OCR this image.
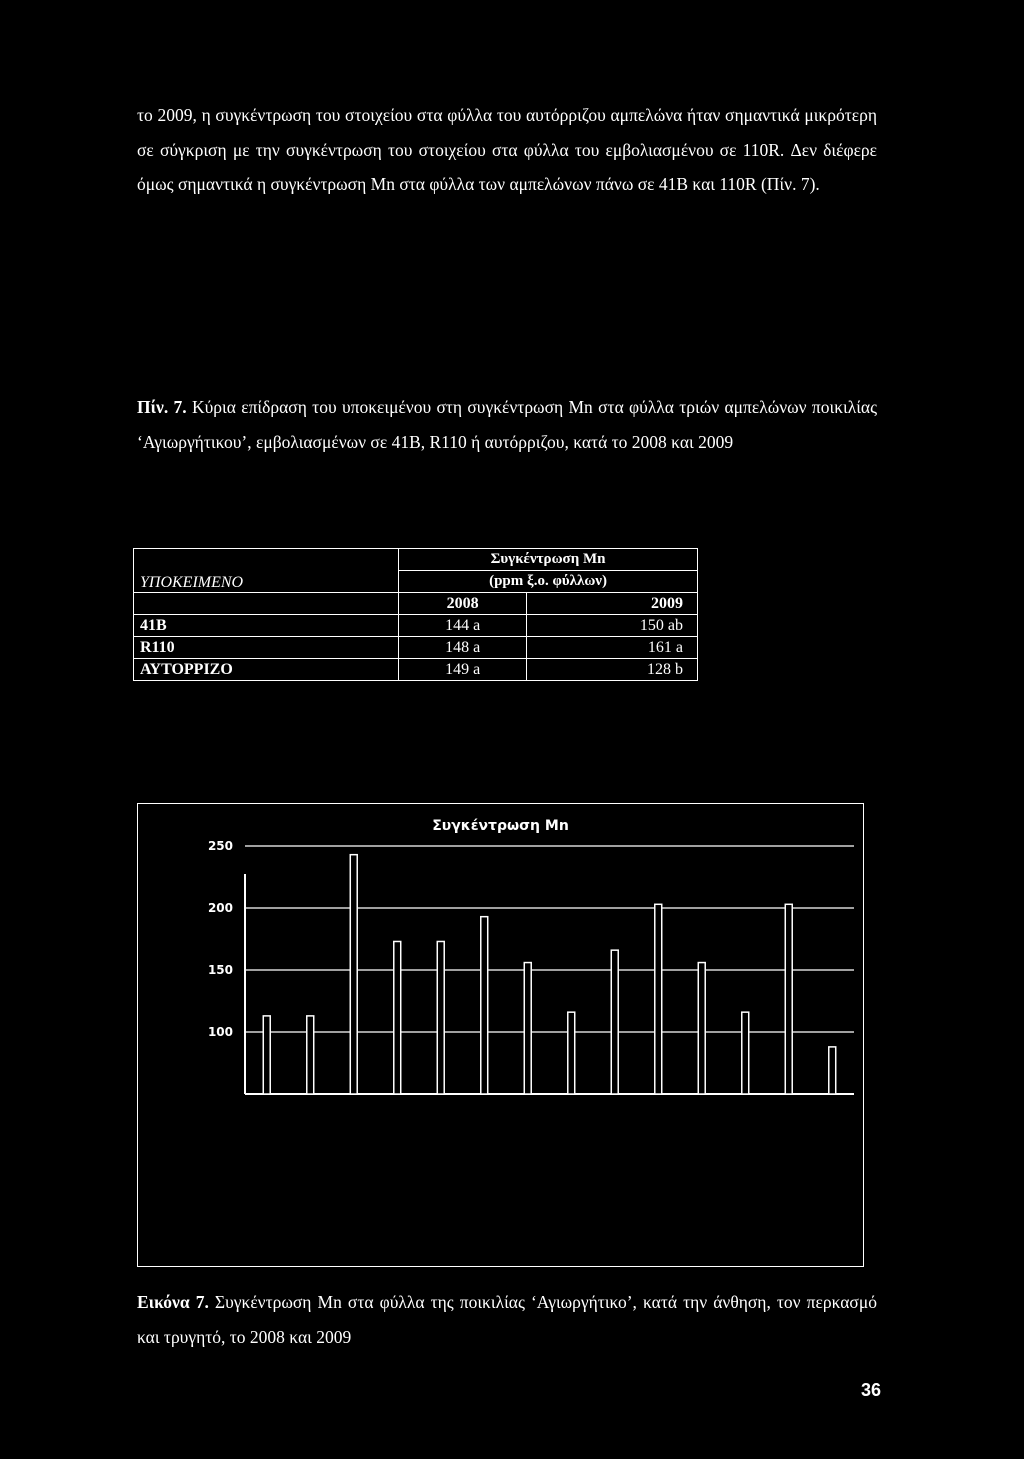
το 2009, η συγκέντρωση του στοιχείου στα φύλλα του αυτόρριζου αμπελώνα ήταν σημαντικά μικρότερη σε σύγκριση με την συγκέντρωση του στοιχείου στα φύλλα του εμβολιασμένου σε 110R. Δεν διέφερε όμως σημαντικά η συγκέντρωση Mn στα φύλλα των αμπελώνων πάνω σε 41B και 110R (Πίν. 7).
Πίν. 7. Κύρια επίδραση του υποκειμένου στη συγκέντρωση Mn στα φύλλα τριών αμπελώνων ποικιλίας ‘Αγιωργήτικου’, εμβολιασμένων σε 41B, R110 ή αυτόρριζου, κατά το 2008 και 2009
ΥΠΟΚΕΙΜΕΝΟ	Συγκέντρωση Mn	
	(ppm ξ.ο. φύλλων)	
	2008	2009
41B	144 a	150 ab
R110	148 a	161 a
ΑΥΤΟΡΡΙΖΟ	149 a	128 b
Συγκέντρωση Mn
250
200
150
100
Εικόνα 7. Συγκέντρωση Mn στα φύλλα της ποικιλίας ‘Αγιωργήτικο’, κατά την άνθηση, τον περκασμό και τρυγητό, το 2008 και 2009
36
